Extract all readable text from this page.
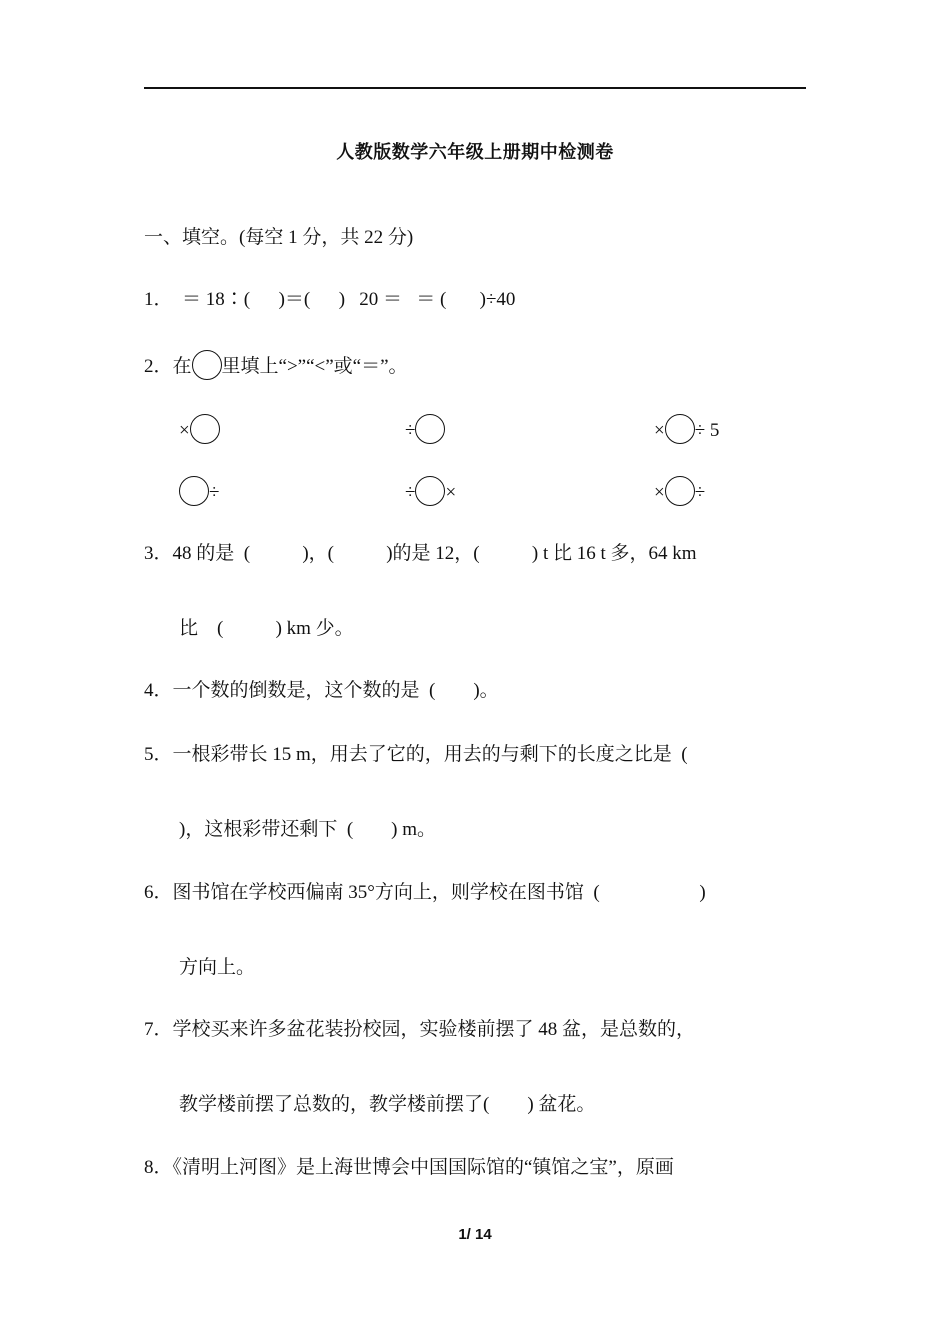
人教版数学六年级上册期中检测卷
一、填空。(每空 1 分，共 22 分)
1．  ＝ 18∶(      )＝(      )   20 ＝   ＝ (       )÷40
2．在 里填上“>”“<”或“＝”。
×	÷	× ÷ 5
÷	÷ ×	× ÷
3．48 的是  (           )，(           )的是 12，(           ) t 比 16 t 多，64 km
比    (           ) km 少。
4．一个数的倒数是，这个数的是  (        )。
5．一根彩带长 15 m，用去了它的，用去的与剩下的长度之比是  (
)，这根彩带还剩下  (        ) m。
6．图书馆在学校西偏南 35°方向上，则学校在图书馆  (                     )
方向上。
7．学校买来许多盆花装扮校园，实验楼前摆了 48 盆，是总数的，
教学楼前摆了总数的，教学楼前摆了(        ) 盆花。
8．《清明上河图》是上海世博会中国国际馆的“镇馆之宝”，原画
1/ 14
